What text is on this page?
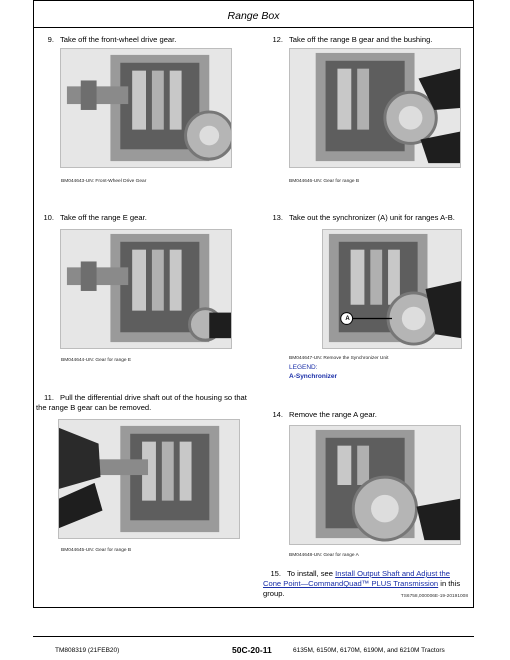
Range Box
9. Take off the front-wheel drive gear.
BM044643-UN: Front-Wheel Drive Gear
10. Take off the range E gear.
BM044644-UN: Gear for range E
11. Pull the differential drive shaft out of the housing so that the range B gear can be removed.
BM044645-UN: Gear for range B
12. Take off the range B gear and the bushing.
BM044646-UN: Gear for range B
13. Take out the synchronizer (A) unit for ranges A-B.
A
BM044647-UN: Remove the Synchronizer Unit
LEGEND:
A-Synchronizer
14. Remove the range A gear.
BM044648-UN: Gear for range A
15. To install, see Install Output Shaft and Adjust the Cone Point—CommandQuad™ PLUS Transmission in this group.	TS6758,000006E-19-20191008
TM808319 (21FEB20)	50C-20-11	6135M, 6150M, 6170M, 6190M, and 6210M Tractors
